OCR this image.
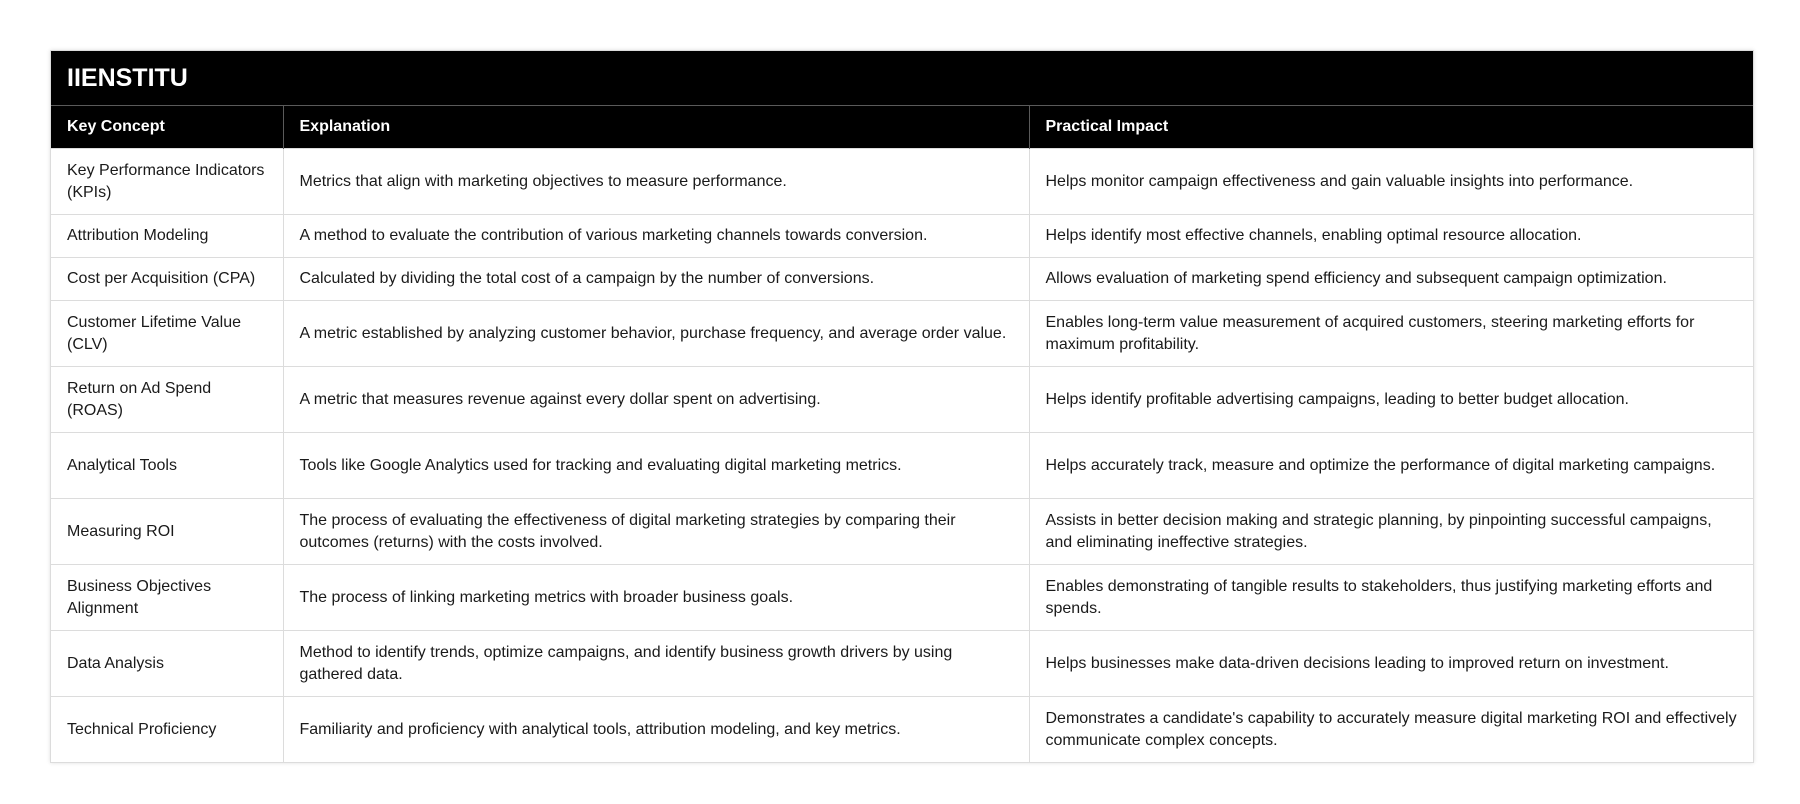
IIENSTITU
Key Concept	Explanation	Practical Impact
Key Performance Indicators (KPIs)	Metrics that align with marketing objectives to measure performance.	Helps monitor campaign effectiveness and gain valuable insights into performance.
Attribution Modeling	A method to evaluate the contribution of various marketing channels towards conversion.	Helps identify most effective channels, enabling optimal resource allocation.
Cost per Acquisition (CPA)	Calculated by dividing the total cost of a campaign by the number of conversions.	Allows evaluation of marketing spend efficiency and subsequent campaign optimization.
Customer Lifetime Value (CLV)	A metric established by analyzing customer behavior, purchase frequency, and average order value.	Enables long-term value measurement of acquired customers, steering marketing efforts for maximum profitability.
Return on Ad Spend (ROAS)	A metric that measures revenue against every dollar spent on advertising.	Helps identify profitable advertising campaigns, leading to better budget allocation.
Analytical Tools	Tools like Google Analytics used for tracking and evaluating digital marketing metrics.	Helps accurately track, measure and optimize the performance of digital marketing campaigns.
Measuring ROI	The process of evaluating the effectiveness of digital marketing strategies by comparing their outcomes (returns) with the costs involved.	Assists in better decision making and strategic planning, by pinpointing successful campaigns, and eliminating ineffective strategies.
Business Objectives Alignment	The process of linking marketing metrics with broader business goals.	Enables demonstrating of tangible results to stakeholders, thus justifying marketing efforts and spends.
Data Analysis	Method to identify trends, optimize campaigns, and identify business growth drivers by using gathered data.	Helps businesses make data-driven decisions leading to improved return on investment.
Technical Proficiency	Familiarity and proficiency with analytical tools, attribution modeling, and key metrics.	Demonstrates a candidate's capability to accurately measure digital marketing ROI and effectively communicate complex concepts.
